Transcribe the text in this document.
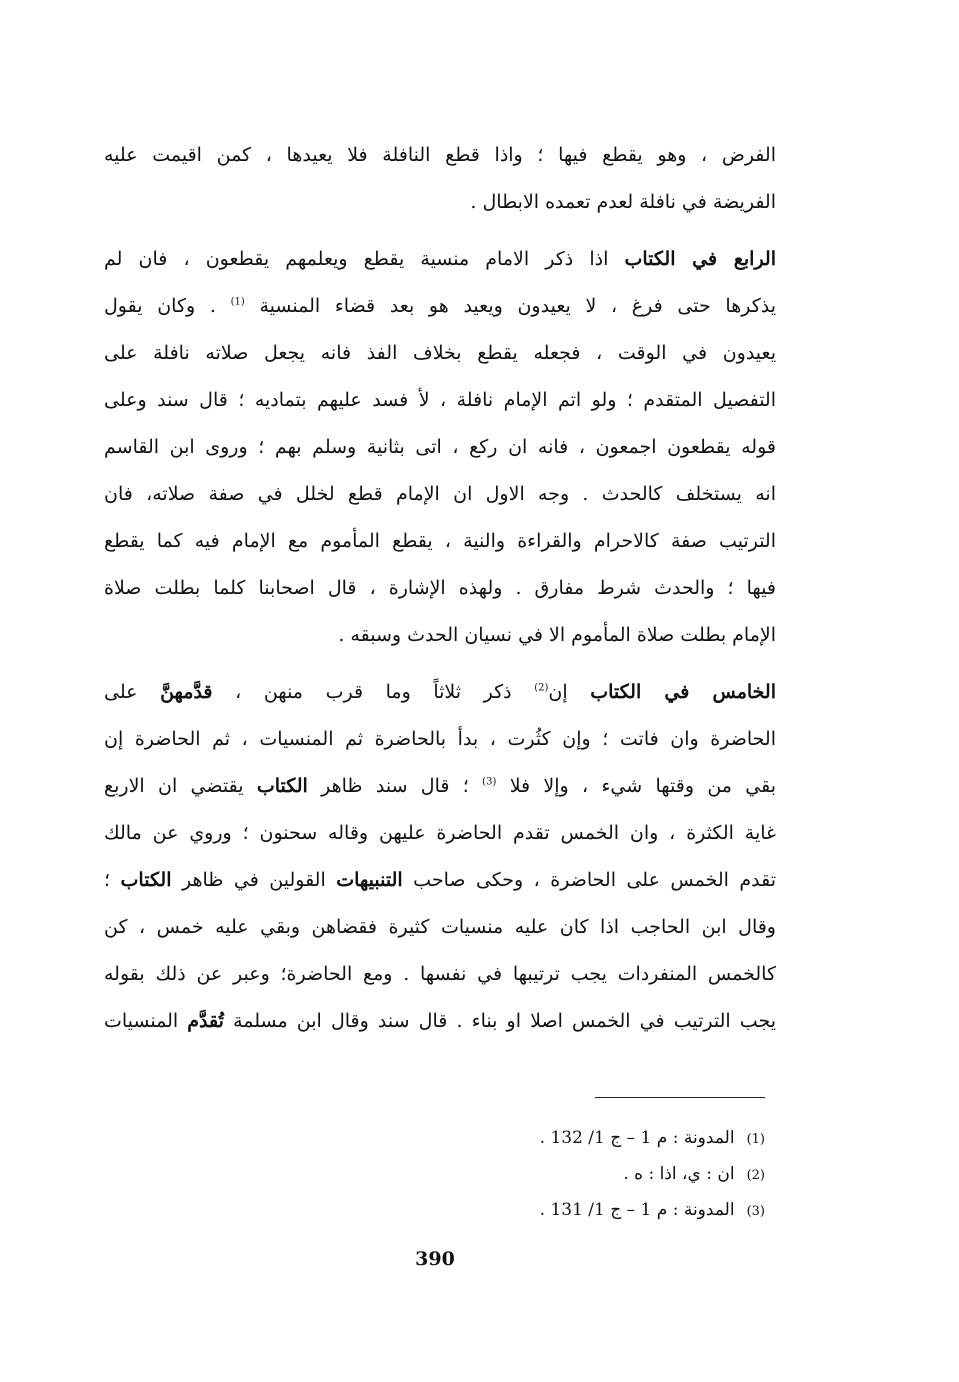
الفرض ، وهو يقطع فيها ؛ واذا قطع النافلة فلا يعيدها ، كمن اقيمت عليه
الفريضة في نافلة لعدم تعمده الابطال .
الرابع في الكتاب اذا ذكر الامام منسية يقطع ويعلمهم يقطعون ، فان لم
يذكرها حتى فرغ ، لا يعيدون ويعيد هو بعد قضاء المنسية $^{(1)}$ . وكان يقول
يعيدون في الوقت ، فجعله يقطع بخلاف الفذ فانه يجعل صلاته نافلة على
التفصيل المتقدم ؛ ولو اتم الإمام نافلة ، لأ فسد عليهم بتماديه ؛ قال سند وعلى
قوله يقطعون اجمعون ، فانه ان ركع ، اتى بثانية وسلم بهم ؛ وروى ابن القاسم
انه يستخلف كالحدث . وجه الاول ان الإمام قطع لخلل في صفة صلاته، فان
الترتيب صفة كالاحرام والقراءة والنية ، يقطع المأموم مع الإمام فيه كما يقطع
فيها ؛ والحدث شرط مفارق . ولهذه الإشارة ، قال اصحابنا كلما بطلت صلاة
الإمام بطلت صلاة المأموم الا في نسيان الحدث وسبقه .
الخامس في الكتاب إن$^{(2)}$ ذكر ثلاثاً وما قرب منهن ، قدَّمهنَّ على
الحاضرة وان فاتت ؛ وإن كثُرت ، بدأ بالحاضرة ثم المنسيات ، ثم الحاضرة إن
بقي من وقتها شيء ، وإلا فلا $^{(3)}$ ؛ قال سند ظاهر الكتاب يقتضي ان الاربع
غاية الكثرة ، وان الخمس تقدم الحاضرة عليهن وقاله سحنون ؛ وروي عن مالك
تقدم الخمس على الحاضرة ، وحكى صاحب التنبيهات القولين في ظاهر الكتاب ؛
وقال ابن الحاجب اذا كان عليه منسيات كثيرة فقضاهن وبقي عليه خمس ، كن
كالخمس المنفردات يجب ترتيبها في نفسها . ومع الحاضرة؛ وعبر عن ذلك بقوله
يجب الترتيب في الخمس اصلا او بناء . قال سند وقال ابن مسلمة تُقدَّم المنسيات
(1)المدونة : م 1 – ج 1/ 132 .
(2)ان : ي، اذا : ه .
(3)المدونة : م 1 – ج 1/ 131 .
390
